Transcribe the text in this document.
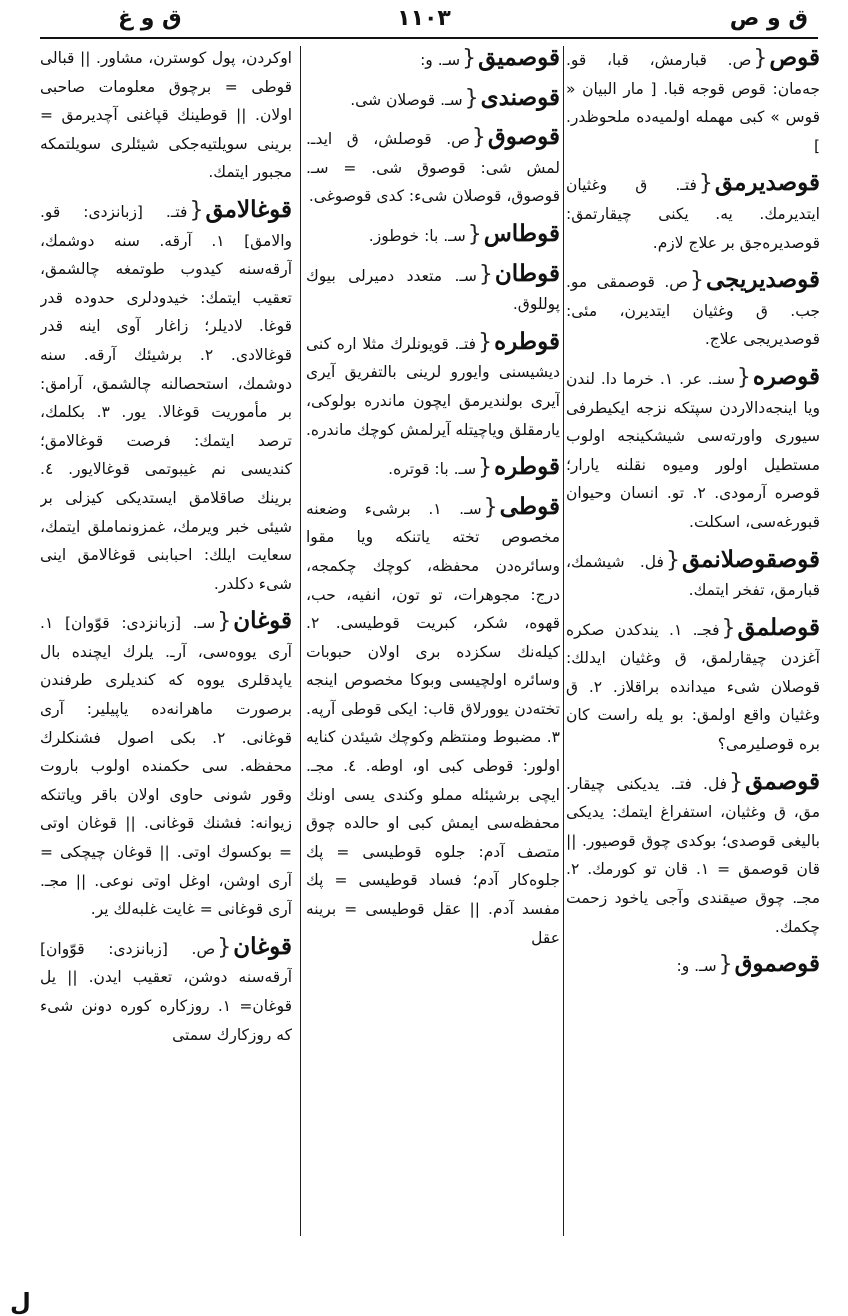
ق و ص
۱۱۰۳
ق و غ
قوص{ص. قبارمش، قبا، قو. جه‌مان: قوص قوجه قبا. [ مار البیان « قوس » كبی مهمله اولمیه‌ده ملحوظدر. ]
قوصدیرمق{فتـ. ق وغثیان ایتدیرمك. یه. یكنی چیقارتمق: قوصدیره‌جق بر علاج لازم.
قوصدیریجی{ص. قوصمقی مو. جب. ق وغثیان ایتدیرن، مئی: قوصدیریجی علاج.
قوصره{سنـ. عر. ۱. خرما دا. لندن ویا اینجه‌دالاردن سپتكه نزجه ایكیطرفی سیوری واورته‌سی شیشكینجه اولوب مستطیل اولور ومیوه نقلنه یارار؛ قوصره آرمودی. ۲. تو. انسان وحیوان قبورغه‌سی، اسكلت.
قوصقوصلانمق{فل. شیشمك، قبارمق، تفخر ایتمك.
قوصلمق{فجـ. ۱. یندكدن صكره آغزدن چیقارلمق، ق وغثیان ایدلك: قوصلان شیء میدانده براقلاز. ۲. ق وغثیان واقع اولمق: بو یله راست كان بره قوصلیرمی؟
قوصمق{فل. فتـ. یدیكنی چیقار. مق، ق وغثیان، استفراغ ایتمك: یدیكی بالیغی قوصدی؛ بوكدی چوق قوصیور. || قان قوصمق = ۱. قان تو كورمك. ۲. مجـ. چوق صیقندی وآجی یاخود زحمت چكمك.
قوصموق{سـ. و:
قوصمیق{سـ. و:
قوصندی{سـ. قوصلان شی.
قوصوق{ص. قوصلش، ق ایدـ. لمش شی: قوصوق شی. = سـ. قوصوق، قوصلان شیء: كدی قوصوغی.
قوطاس{سـ. با: خوطوز.
قوطان{سـ. متعدد دمیرلی بیوك پوللوق.
قوطره{فتـ. قویونلرك مثلا اره كنی دیشیسنی وایورو لرینی بالتفریق آیری آیری بولندیرمق ایچون ماندره بولوكی، یارمقلق ویاچیتله آیرلمش كوچك ماندره.
قوطره{سـ. با: قوتره.
قوطی{سـ. ۱. برشیء وضعنه مخصوص تخته یاتنكه ویا مقوا وسائره‌دن محفظه، كوچك چكمجه، درج: مجوهرات، تو تون، انفیه، حب، قهوه، شكر، كبریت قوطیسی. ۲. كیله‌نك سكزده بری اولان حبوبات وسائره اولچیسی وبوكا مخصوص اینجه تخته‌دن یوورلاق قاب: ایكی قوطی آرپه. ۳. مضبوط ومنتظم وكوچك شیئدن كنایه اولور: قوطی كبی او، اوطه. ٤. مجـ. ایچی برشیئله مملو وكندی یسی اونك محفظه‌سی ایمش كبی او حالده چوق متصف آدم: جلوه قوطیسی = پك جلوه‌كار آدم؛ فساد قوطیسی = پك مفسد آدم. || عقل قوطیسی = برینه عقل
اوكردن، پول كوسترن، مشاور. || قبالی قوطی = برچوق معلومات صاحبی اولان. || قوطینك قپاغنی آچدیرمق = برینی سویلتیه‌جكی شیئلری سویلتمكه مجبور ایتمك.
قوغالامق{فتـ. [زبانزدی: قو. والامق] ۱. آرقه. سنه دوشمك، آرقه‌سنه كیدوب طوتمغه چالشمق، تعقیب ایتمك: خیدودلری حدوده قدر قوغا. لادیلر؛ زاغار آوی اینه قدر قوغالادی. ۲. برشیئك آرقه. سنه دوشمك، استحصالنه چالشمق، آرامق: بر مأموریت قوغالا. یور. ۳. بكلمك، ترصد ایتمك: فرصت قوغالامق؛ كندیسی نم غیبوتمی قوغالایور. ٤. برینك صاقلامق ایستدیكی كیزلی بر شیئی خبر ویرمك، غمزونماملق ایتمك، سعایت ایلك: احبابنی قوغالامق اینی شیء دكلدر.
قوغان{سـ. [زبانزدی: قوّوان] ۱. آری یووه‌سی، آرـ. یلرك ایچنده بال یاپدقلری یووه كه كندیلری طرفندن برصورت ماهرانه‌ده یاپیلیر: آری قوغانی. ۲. بكی اصول فشنكلرك محفظه. سی حكمنده اولوب باروت وقور شونی حاوی اولان باقر ویاتنكه زیوانه: فشنك قوغانی. || قوغان اوتی = بوكسوك اوتی. || قوغان چیچكی = آری اوشن، اوغل اوتی نوعی. || مجـ. آری قوغانی = غایت غلبه‌لك یر.
قوغان{ص. [زبانزدی: قوّوان] آرقه‌سنه دوشن، تعقیب ایدن. || یل قوغان= ۱. روزكاره كوره دونن شیء كه روزكارك سمتی
ل
